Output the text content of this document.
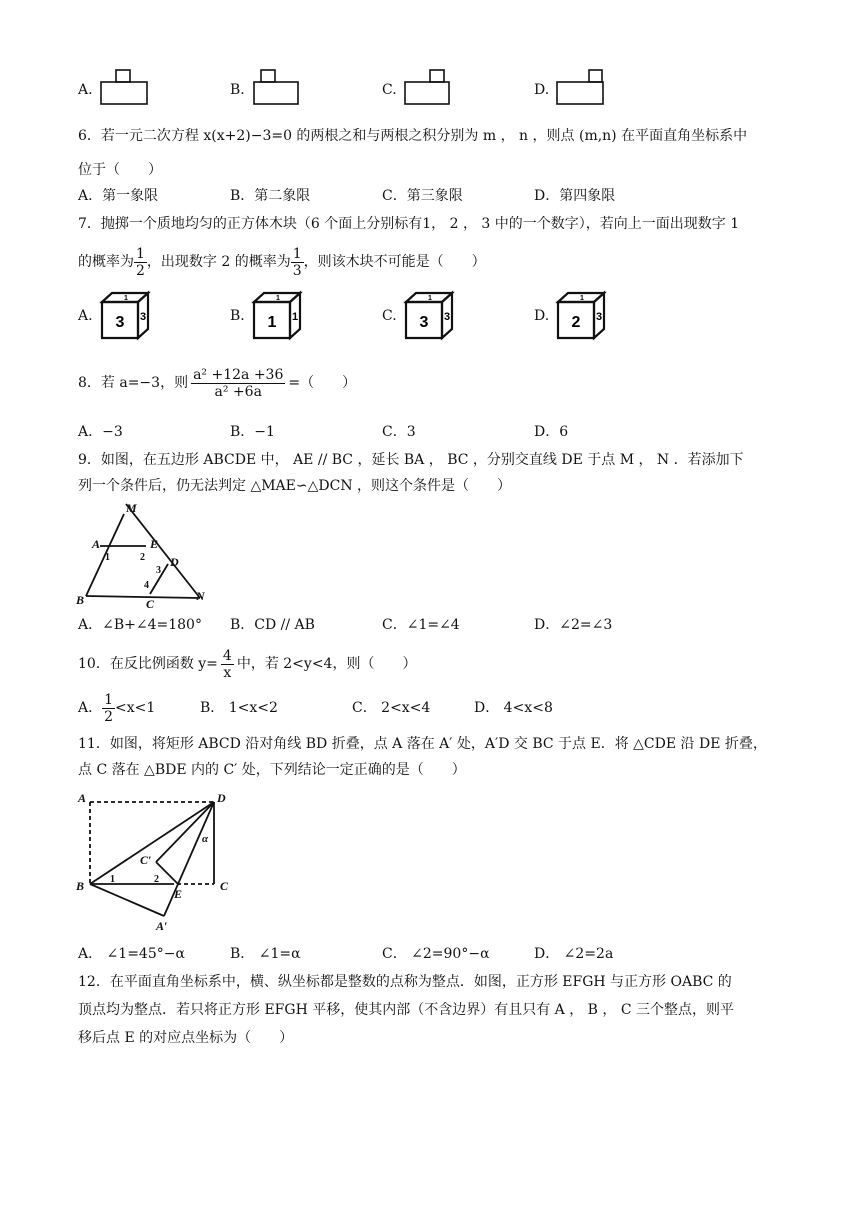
A.	B.	C.	D.
6．若一元二次方程 x(x+2)−3=0 的两根之和与两根之积分别为 m ， n ，则点 (m,n) 在平面直角坐标系中
位于（　　）
A．第一象限	B．第二象限	C．第三象限	D．第四象限
7．抛掷一个质地均匀的正方体木块（6 个面上分别标有1， 2 ， 3 中的一个数字），若向上一面出现数字 1
的概率为 $\frac{1}{2}$ ，出现数字 2 的概率为 $\frac{1}{3}$ ，则该木块不可能是（　　）
A.	B.	C.	D.
3 3
1
1 1
1
3 3
1
2 3
1
8．若 a=−3，则 $\frac{\text{a² +12a +36}}{\text{a² +6a}}$ =（　　）
A．−3	B．−1	C．3	D．6
9．如图，在五边形 ABCDE 中， AE // BC ，延长 BA ， BC ，分别交直线 DE 于点 M ， N ．若添加下
列一个条件后，仍无法判定 △MAE∽△DCN ，则这个条件是（　　）
M
A
1	2
E
D
3
4
B	C
N
A．∠B+∠4=180° B．CD // AB	C．∠1=∠4	D．∠2=∠3
10．在反比例函数 $y= \frac{4}{x}$ 中，若 2<y<4，则（　　）
A． $\frac{1}{2} <x<1$	B． 1<x<2	C． 2<x<4	D． 4<x<8
11．如图，将矩形 ABCD 沿对角线 BD 折叠，点 A 落在 A′ 处，A′D 交 BC 于点 E．将 △CDE 沿 DE 折叠，
点 C 落在 △BDE 内的 C′ 处，下列结论一定正确的是（　　）
A	D
α
C′
B	1	2
E
C
A′
A． ∠1=45°−α	B． ∠1=α	C． ∠2=90°−α	D． ∠2=2a
12．在平面直角坐标系中，横、纵坐标都是整数的点称为整点．如图，正方形 EFGH 与正方形 OABC 的
顶点均为整点．若只将正方形 EFGH 平移，使其内部（不含边界）有且只有 A ， B ， C 三个整点，则平
移后点 E 的对应点坐标为（　　）
